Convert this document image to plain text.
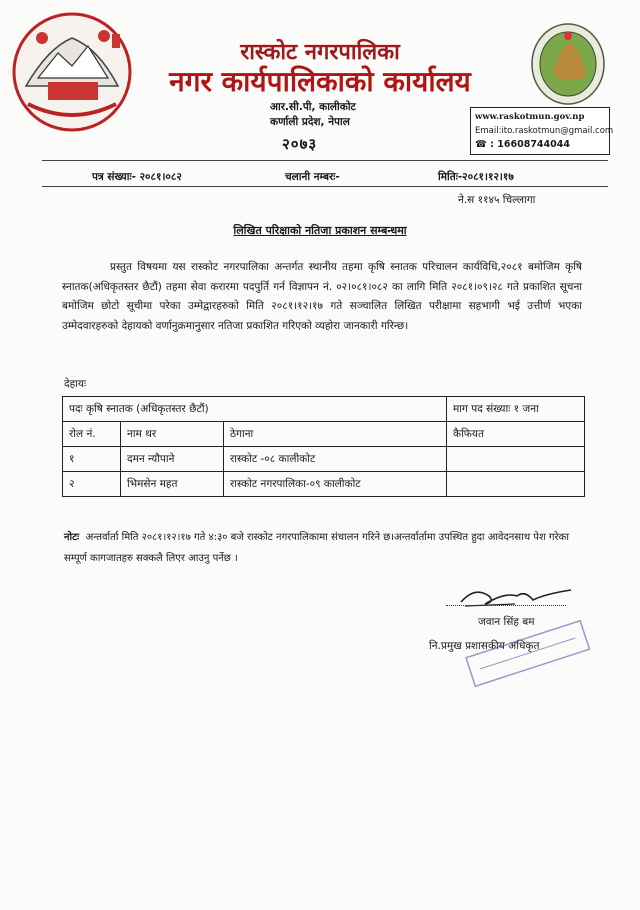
रास्कोट नगरपालिका
नगर कार्यपालिकाको कार्यालय
आर.सी.पी, कालीकोट
कर्णाली प्रदेश, नेपाल
२०७३
www.raskotmun.gov.np
Email:ito.raskotmun@gmail.com
☎ : 16608744044
पत्र संख्याः- २०८१।०८२	चलानी नम्बरः-	मितिः-२०८१।१२।१७
ने.स ११४५ चिल्लागा
लिखित परिक्षाको नतिजा प्रकाशन सम्बन्धमा
प्रस्तुत विषयमा यस रास्कोट नगरपालिका अन्तर्गत स्थानीय तहमा कृषि स्नातक परिचालन कार्यविधि,२०८१ बमोजिम कृषि स्नातक(अधिकृतस्तर छैटौं) तहमा सेवा करारमा पदपुर्ति गर्न विज्ञापन नं. ०२।०८१।०८२ का लागि मिति २०८१।०९।२८ गते प्रकाशित सूचना बमोजिम छोटो सूचीमा परेका उम्मेद्वारहरुको मिति २०८१।१२।१७ गते सञ्चालित लिखित परीक्षामा सहभागी भई उत्तीर्ण भएका उम्मेदवारहरुको देहायको वर्णानुक्रमानुसार नतिजा प्रकाशित गरिएको व्यहोरा जानकारी गरिन्छ।
देहायः
पदः कृषि स्नातक (अधिकृतस्तर छैटौं)			माग पद संख्याः १ जना
रोल नं.	नाम थर	ठेगाना	कैफियत
१	दमन न्यौपाने	रास्कोट -०८ कालीकोट	
२	भिमसेन महत	रास्कोट नगरपालिका-०९ कालीकोट	
नोटः अन्तर्वार्ता मिति २०८१।१२।१७ गते ४:३० बजे रास्कोट नगरपालिकामा संचालन गरिने छ।अन्तर्वार्तामा उपस्थित हुदा आवेदनसाथ पेश गरेका सम्पूर्ण कागजातहरु सक्कलै लिएर आउनु पर्नेछ ।
जवान सिंह बम
नि.प्रमुख प्रशासकीय अधिकृत
